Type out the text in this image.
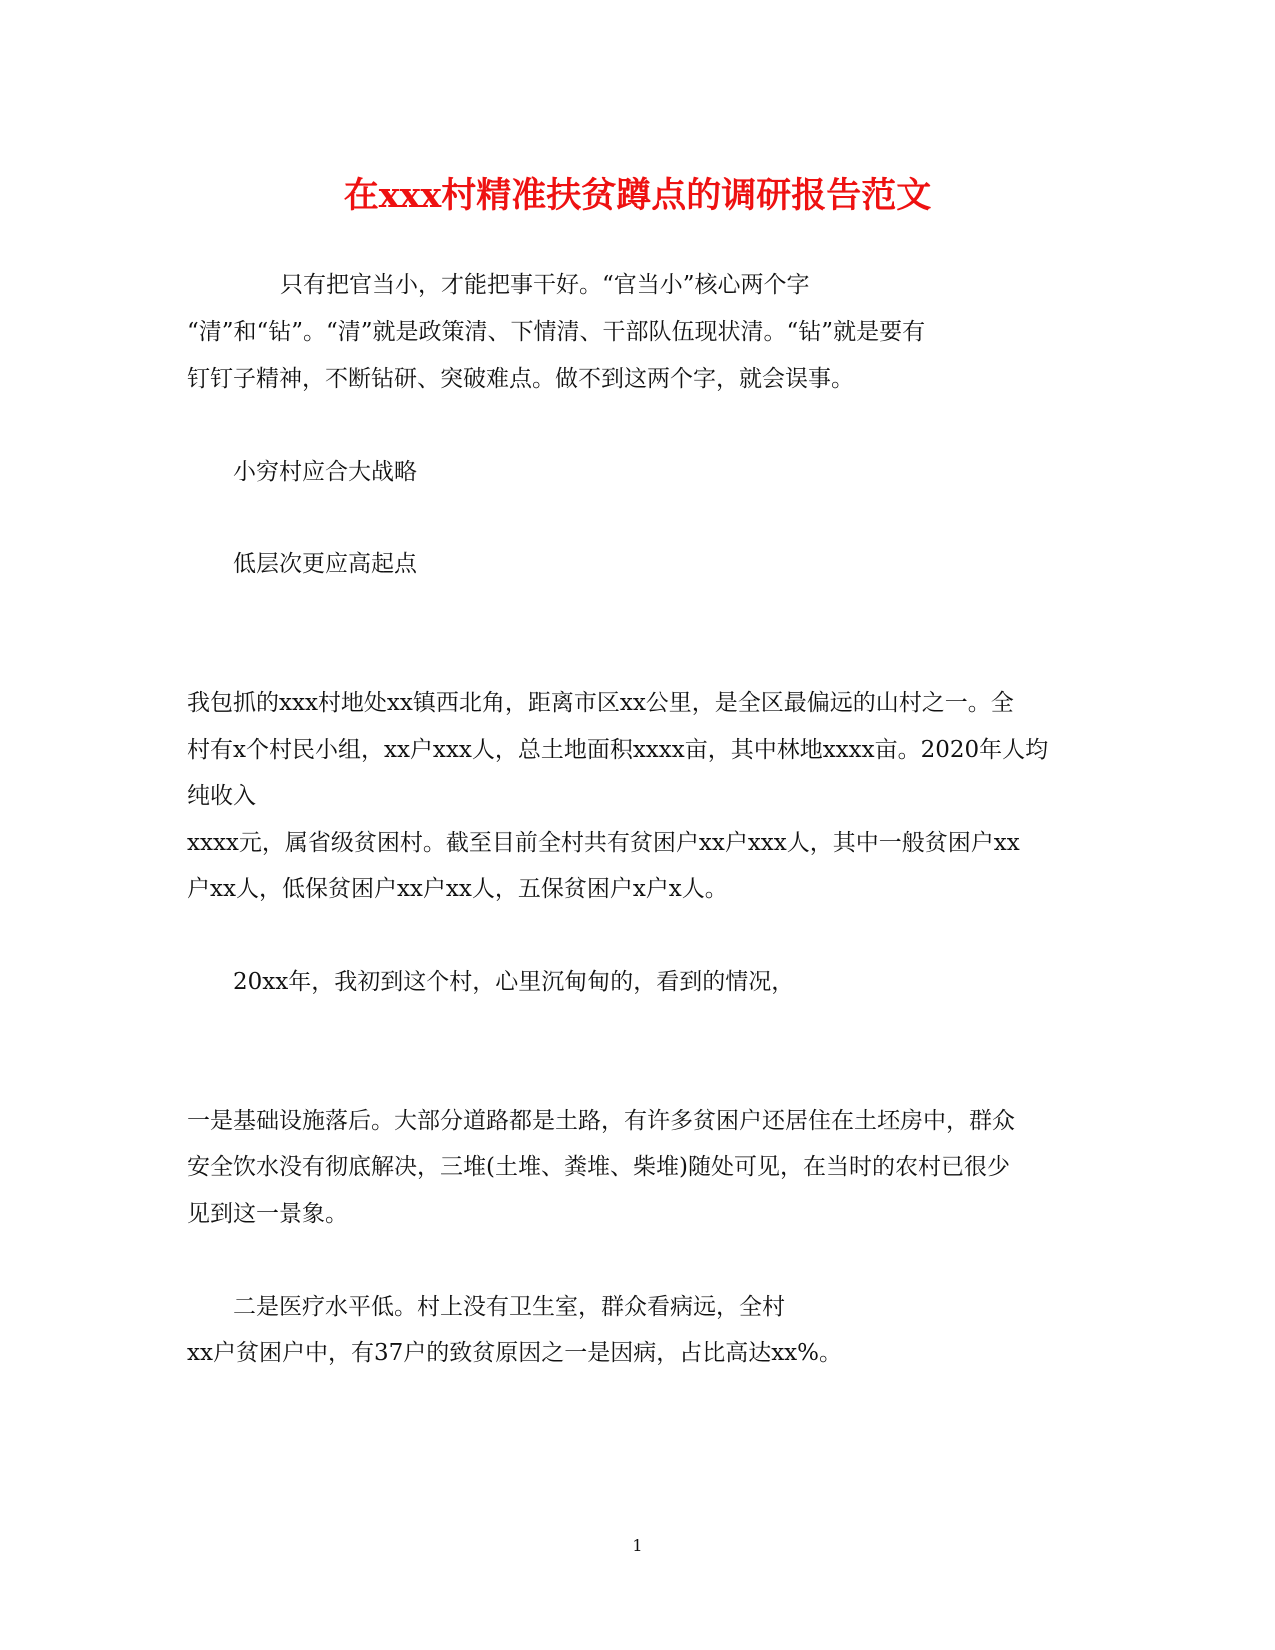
在xxx村精准扶贫蹲点的调研报告范文
只有把官当小，才能把事干好。“官当小”核心两个字
“清”和“钻”。“清”就是政策清、下情清、干部队伍现状清。“钻”就是要有
钉钉子精神，不断钻研、突破难点。做不到这两个字，就会误事。
小穷村应合大战略
低层次更应高起点
我包抓的xxx村地处xx镇西北角，距离市区xx公里，是全区最偏远的山村之一。全
村有x个村民小组，xx户xxx人，总土地面积xxxx亩，其中林地xxxx亩。2020年人均
纯收入
xxxx元，属省级贫困村。截至目前全村共有贫困户xx户xxx人，其中一般贫困户xx
户xx人，低保贫困户xx户xx人，五保贫困户x户x人。
20xx年，我初到这个村，心里沉甸甸的，看到的情况，
一是基础设施落后。大部分道路都是土路，有许多贫困户还居住在土坯房中，群众
安全饮水没有彻底解决，三堆(土堆、粪堆、柴堆)随处可见，在当时的农村已很少
见到这一景象。
二是医疗水平低。村上没有卫生室，群众看病远，全村
xx户贫困户中，有37户的致贫原因之一是因病，占比高达xx%。
1
